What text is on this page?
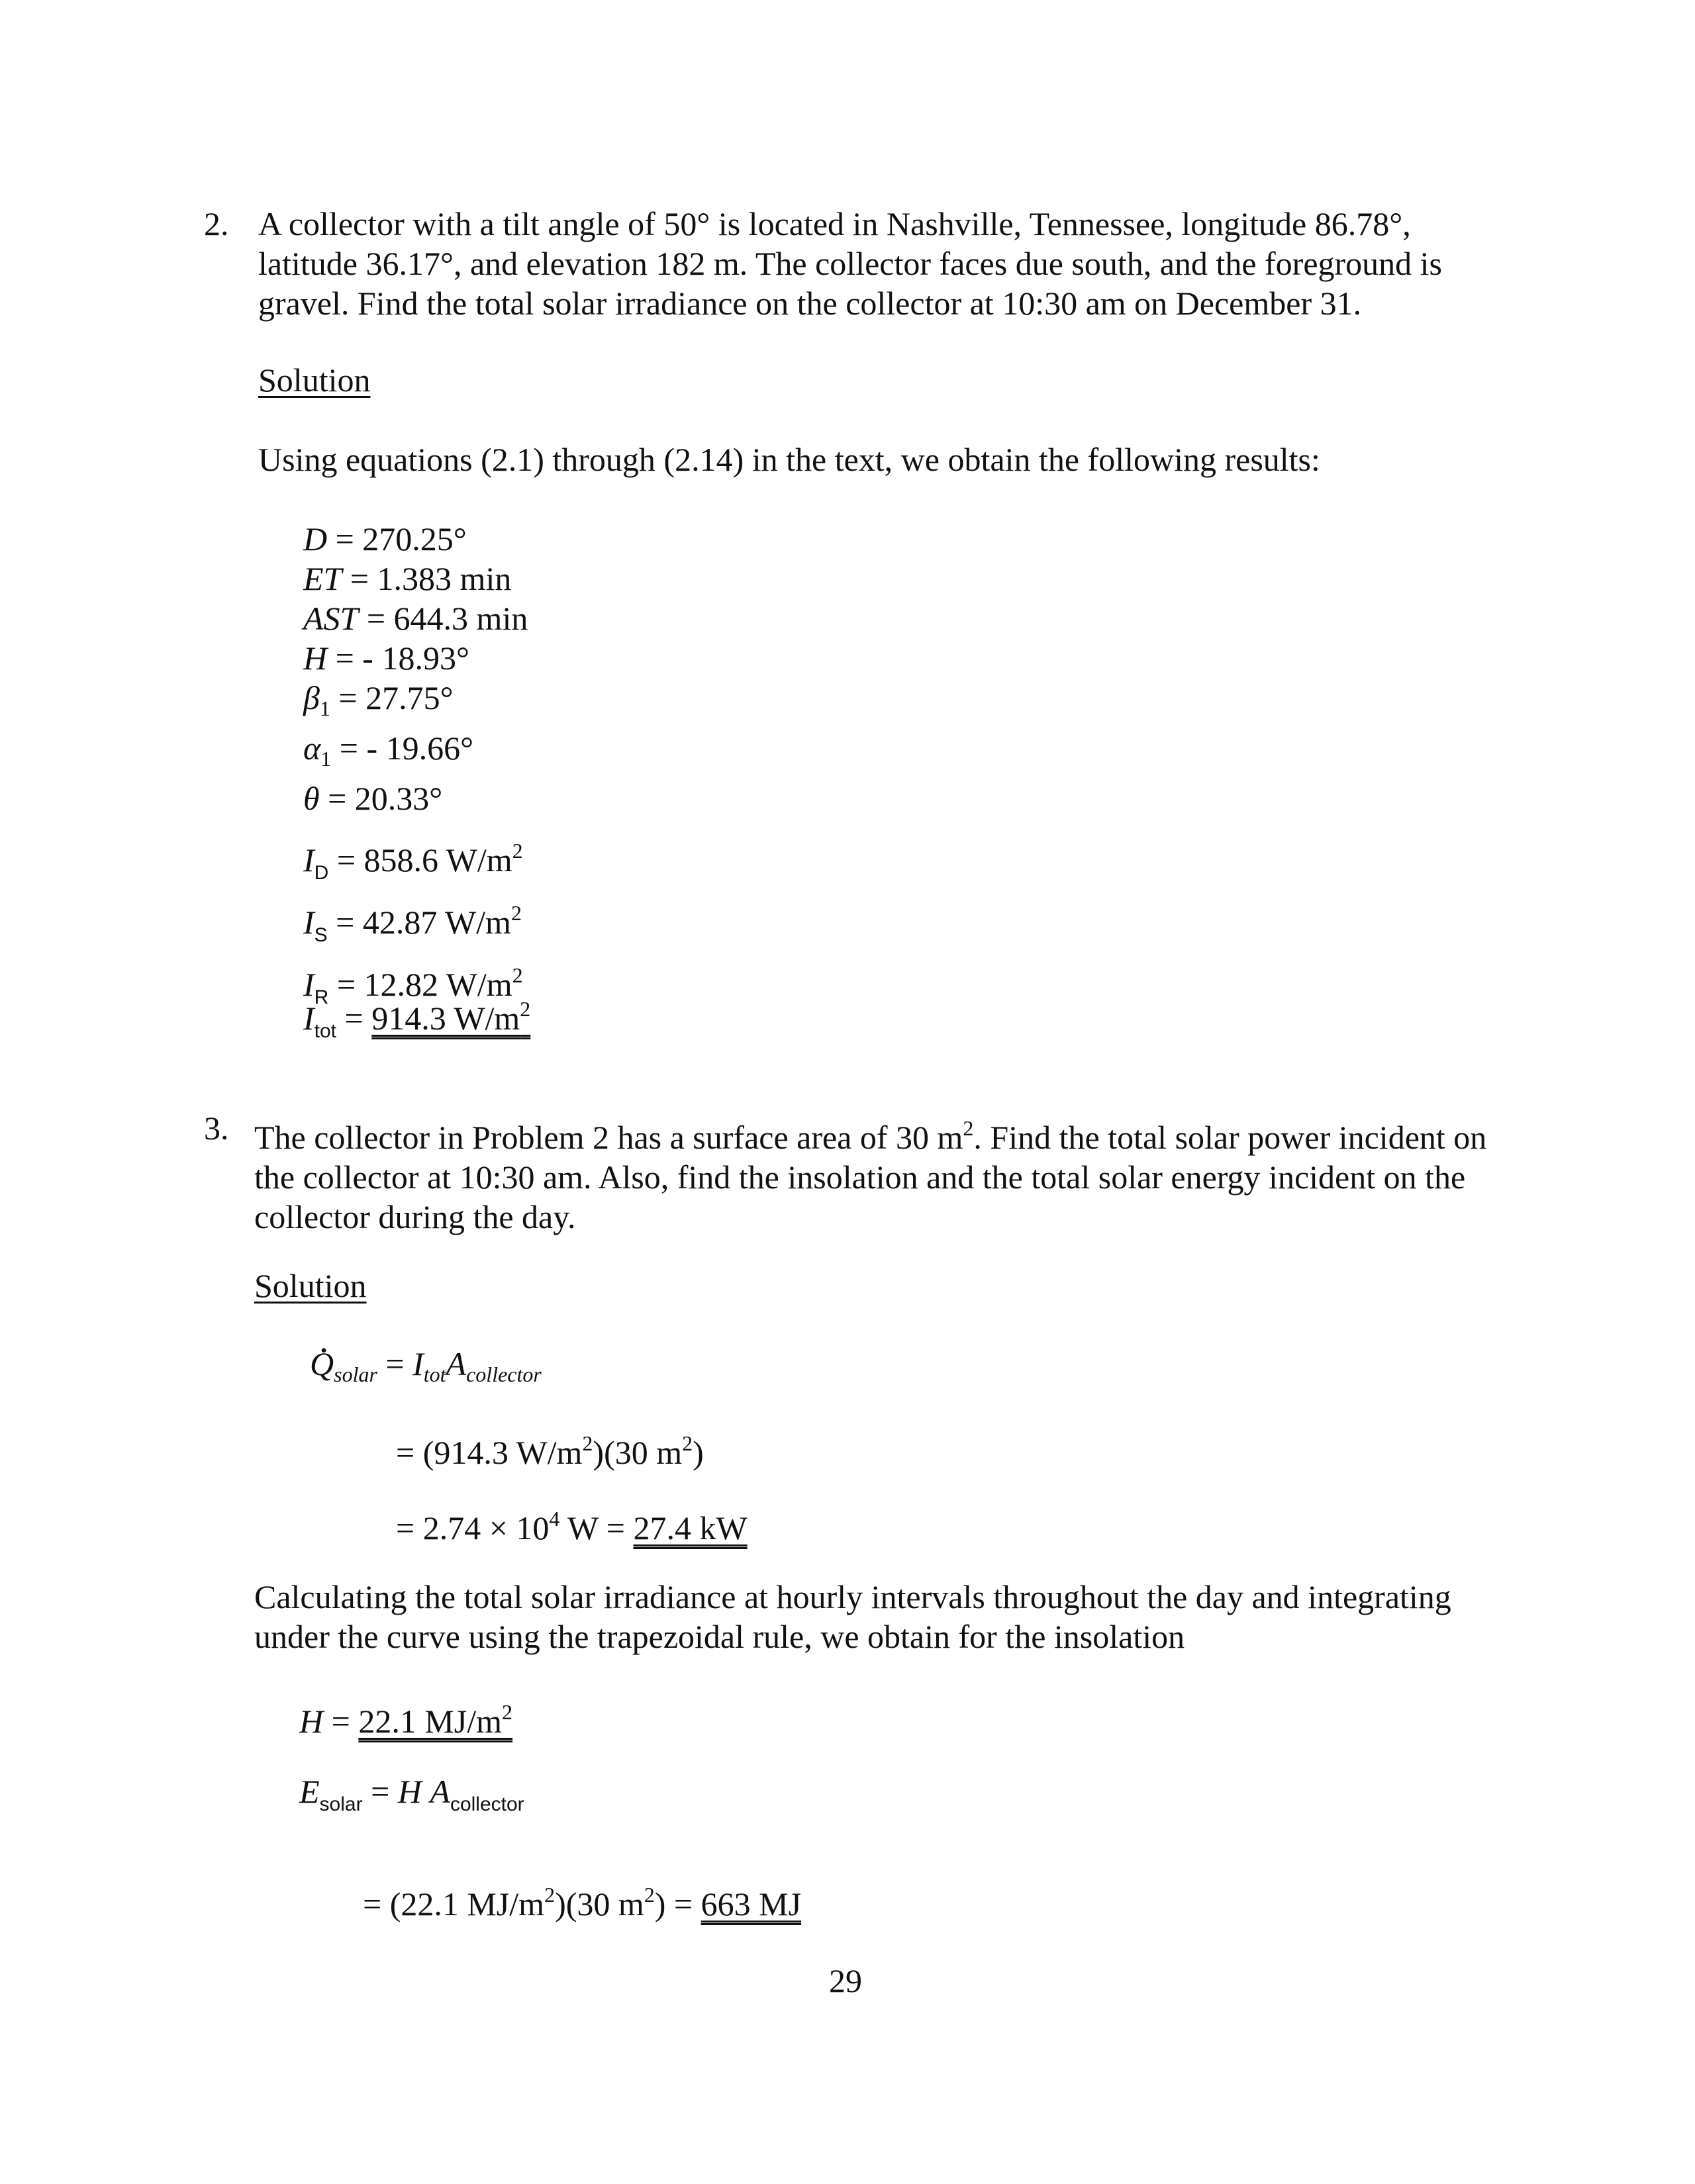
2. A collector with a tilt angle of 50° is located in Nashville, Tennessee, longitude 86.78°,
latitude 36.17°, and elevation 182 m. The collector faces due south, and the foreground is
gravel. Find the total solar irradiance on the collector at 10:30 am on December 31.
Solution
Using equations (2.1) through (2.14) in the text, we obtain the following results:
D = 270.25°
ET = 1.383 min
AST = 644.3 min
H = - 18.93°
$\beta_1 = 27.75^\circ$
$\alpha_1$ = - 19.66°
θ = 20.33°
$I_D = 858.6$ $W/m^2$
$I_S = 42.87$ $W/m^2$
$I_R = 12.82$ $W/m^2$
$I_{tot} = 914.3$ $W/m^2$
3. The collector in Problem 2 has a surface area of 30 $m^2$. Find the total solar power incident on
the collector at 10:30 am. Also, find the insolation and the total solar energy incident on the
collector during the day.
Solution
. $Q_{solar} = I_{tot}A_{collector}$
= (914.3 $W/m^2)(30$ $m^2$)
= $2.74 \times 10^4$ W = 27.4 kW
Calculating the total solar irradiance at hourly intervals throughout the day and integrating
under the curve using the trapezoidal rule, we obtain for the insolation
H = 22.1 $MJ/m^2$
$E_{solar} = H$ $A_{collector}$
= (22.1 $MJ/m^2)(30$ $m^2) = 663$ MJ
29
